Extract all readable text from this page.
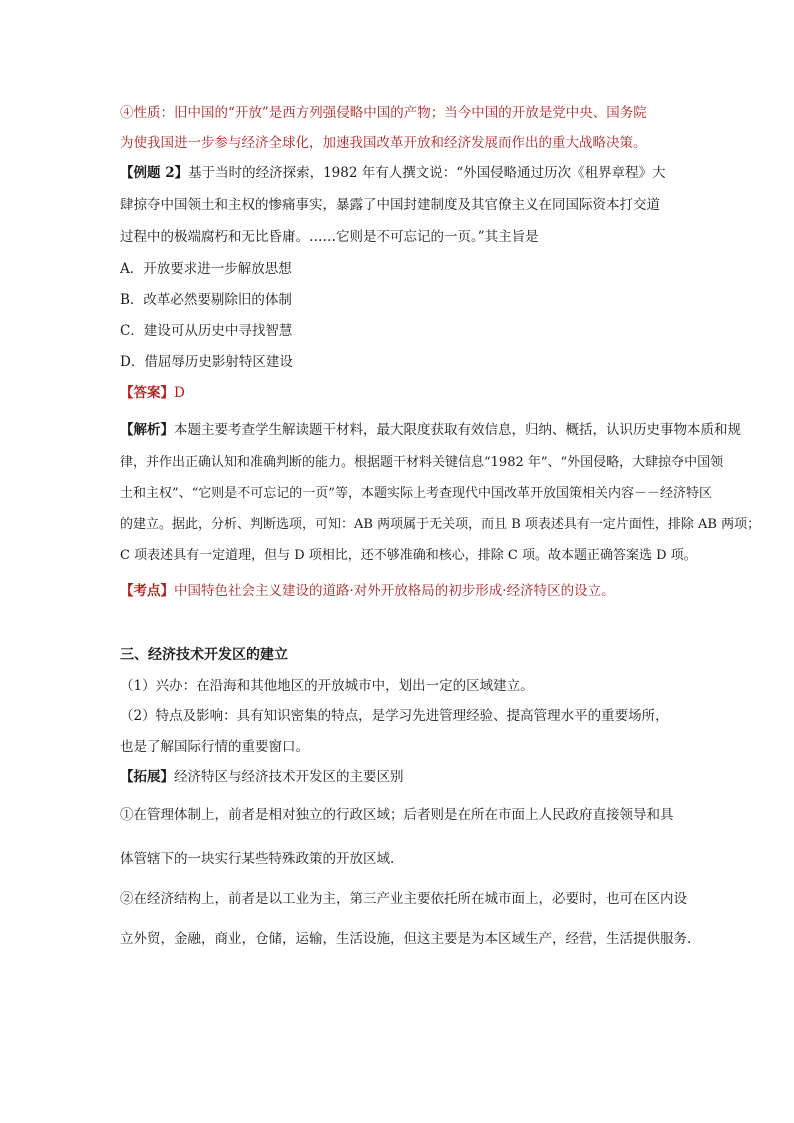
④性质：旧中国的“开放”是西方列强侵略中国的产物；当今中国的开放是党中央、国务院
为使我国进一步参与经济全球化，加速我国改革开放和经济发展而作出的重大战略决策。
【例题 2】基于当时的经济探索，1982 年有人撰文说：“外国侵略通过历次《租界章程》大
肆掠夺中国领土和主权的惨痛事实，暴露了中国封建制度及其官僚主义在同国际资本打交道
过程中的极端腐朽和无比昏庸。……它则是不可忘记的一页。”其主旨是
A．开放要求进一步解放思想
B．改革必然要剔除旧的体制
C．建设可从历史中寻找智慧
D．借屈辱历史影射特区建设
【答案】D
【解析】本题主要考查学生解读题干材料，最大限度获取有效信息，归纳、概括，认识历史事物本质和规
律，并作出正确认知和准确判断的能力。根据题干材料关键信息“1982 年”、“外国侵略，大肆掠夺中国领
土和主权”、“它则是不可忘记的一页”等，本题实际上考查现代中国改革开放国策相关内容－－经济特区
的建立。据此，分析、判断选项，可知：AB 两项属于无关项，而且 B 项表述具有一定片面性，排除 AB 两项；
C 项表述具有一定道理，但与 D 项相比，还不够准确和核心，排除 C 项。故本题正确答案选 D 项。
【考点】中国特色社会主义建设的道路·对外开放格局的初步形成·经济特区的设立。
三、经济技术开发区的建立
（1）兴办：在沿海和其他地区的开放城市中，划出一定的区域建立。
（2）特点及影响：具有知识密集的特点，是学习先进管理经验、提高管理水平的重要场所，
也是了解国际行情的重要窗口。
【拓展】经济特区与经济技术开发区的主要区别
①在管理体制上，前者是相对独立的行政区域；后者则是在所在市面上人民政府直接领导和具
体管辖下的一块实行某些特殊政策的开放区域.
②在经济结构上，前者是以工业为主，第三产业主要依托所在城市面上，必要时，也可在区内设
立外贸，金融，商业，仓储，运输，生活设施，但这主要是为本区域生产，经营，生活提供服务.
